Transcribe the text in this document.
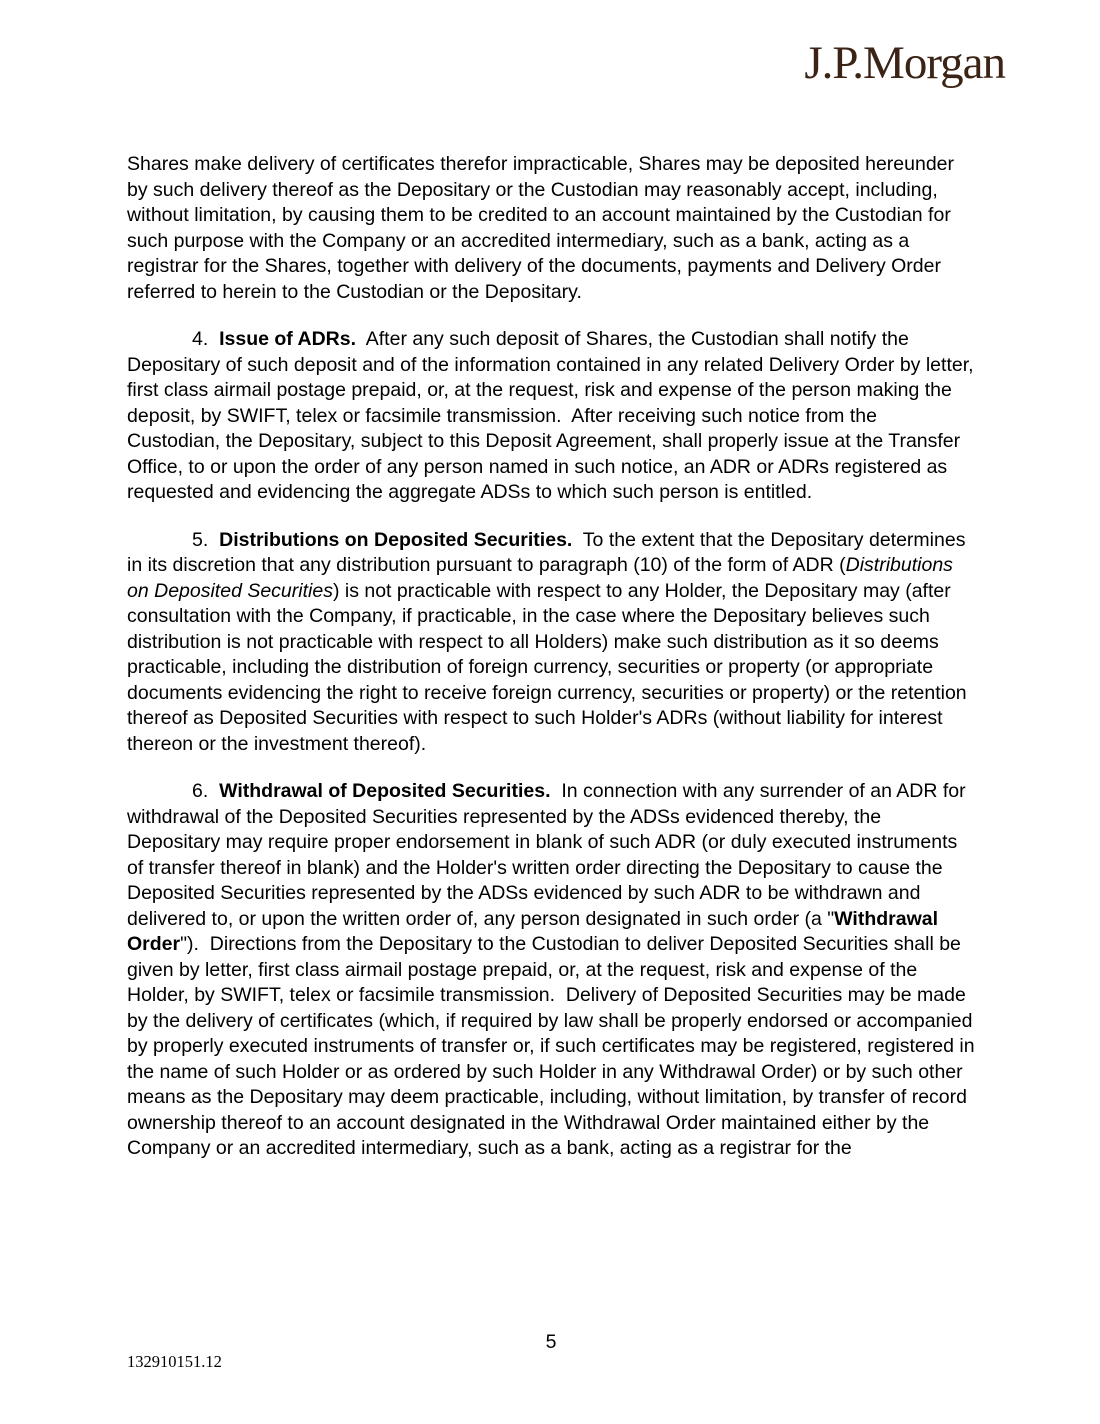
J.P.Morgan

Shares make delivery of certificates therefor impracticable, Shares may be deposited hereunder by such delivery thereof as the Depositary or the Custodian may reasonably accept, including, without limitation, by causing them to be credited to an account maintained by the Custodian for such purpose with the Company or an accredited intermediary, such as a bank, acting as a registrar for the Shares, together with delivery of the documents, payments and Delivery Order referred to herein to the Custodian or the Depositary.

4.  Issue of ADRs.  After any such deposit of Shares, the Custodian shall notify the Depositary of such deposit and of the information contained in any related Delivery Order by letter, first class airmail postage prepaid, or, at the request, risk and expense of the person making the deposit, by SWIFT, telex or facsimile transmission.  After receiving such notice from the Custodian, the Depositary, subject to this Deposit Agreement, shall properly issue at the Transfer Office, to or upon the order of any person named in such notice, an ADR or ADRs registered as requested and evidencing the aggregate ADSs to which such person is entitled.

5.  Distributions on Deposited Securities.  To the extent that the Depositary determines in its discretion that any distribution pursuant to paragraph (10) of the form of ADR (Distributions on Deposited Securities) is not practicable with respect to any Holder, the Depositary may (after consultation with the Company, if practicable, in the case where the Depositary believes such distribution is not practicable with respect to all Holders) make such distribution as it so deems practicable, including the distribution of foreign currency, securities or property (or appropriate documents evidencing the right to receive foreign currency, securities or property) or the retention thereof as Deposited Securities with respect to such Holder's ADRs (without liability for interest thereon or the investment thereof).

6.  Withdrawal of Deposited Securities.  In connection with any surrender of an ADR for withdrawal of the Deposited Securities represented by the ADSs evidenced thereby, the Depositary may require proper endorsement in blank of such ADR (or duly executed instruments of transfer thereof in blank) and the Holder's written order directing the Depositary to cause the Deposited Securities represented by the ADSs evidenced by such ADR to be withdrawn and delivered to, or upon the written order of, any person designated in such order (a "Withdrawal Order").  Directions from the Depositary to the Custodian to deliver Deposited Securities shall be given by letter, first class airmail postage prepaid, or, at the request, risk and expense of the Holder, by SWIFT, telex or facsimile transmission.  Delivery of Deposited Securities may be made by the delivery of certificates (which, if required by law shall be properly endorsed or accompanied by properly executed instruments of transfer or, if such certificates may be registered, registered in the name of such Holder or as ordered by such Holder in any Withdrawal Order) or by such other means as the Depositary may deem practicable, including, without limitation, by transfer of record ownership thereof to an account designated in the Withdrawal Order maintained either by the Company or an accredited intermediary, such as a bank, acting as a registrar for the

5
132910151.12
